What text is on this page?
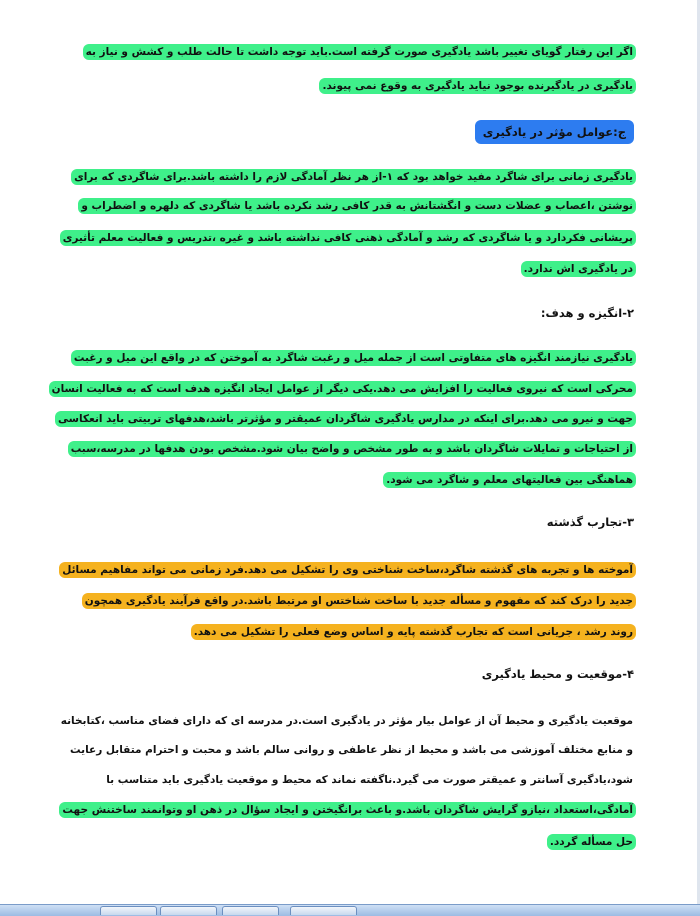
اگر این رفتار گویای تغییر باشد یادگیری صورت گرفته است.باید توجه داشت تا حالت طلب و کشش و نیاز به
یادگیری در یادگیرنده بوجود نیاید یادگیری به وقوع نمی پیوند.
ج:عوامل مؤثر در یادگیری
یادگیری زمانی برای شاگرد مفید خواهد بود که ۱-از هر نظر آمادگی لازم را داشته باشد.برای شاگردی که برای
نوشتن ،اعصاب و عضلات دست و انگشتانش به قدر کافی رشد نکرده باشد یا شاگردی که دلهره و اضطراب و
پریشانی فکردارد و یا شاگردی که رشد و آمادگی ذهنی کافی نداشته باشد و غیره ،تدریس و فعالیت معلم تأثیری
در یادگیری اش ندارد.
۲-انگیزه و هدف:
یادگیری نیازمند انگیزه های متفاوتی است از جمله میل و رغبت شاگرد به آموختن که در واقع این میل و رغبت
محرکی است که نیروی فعالیت را افزایش می دهد.یکی دیگر از عوامل ایجاد انگیزه هدف است که به فعالیت انسان
جهت و نیرو می دهد.برای اینکه در مدارس یادگیری شاگردان عمیقتر و مؤثرتر باشد،هدفهای تربیتی باید انعکاسی
از احتیاجات و تمایلات شاگردان باشد و به طور مشخص و واضح بیان شود.مشخص بودن هدفها در مدرسه،سبب
هماهنگی بین فعالیتهای معلم و شاگرد می شود.
۳-تجارب گذشته
آموخته ها و تجربه های گذشته شاگرد،ساخت شناختی وی را تشکیل می دهد.فرد زمانی می تواند مفاهیم مسائل
جدید را درک کند که مفهوم و مسأله جدید با ساخت شناختس او مرتبط باشد.در واقع فرآیند یادگیری همچون
روند رشد ، جریانی است که تجارب گذشته پایه و اساس وضع فعلی را تشکیل می دهد.
۴-موقعیت و محیط یادگیری
موقعیت یادگیری و محیط آن از عوامل بیار مؤثر در یادگیری است.در مدرسه ای که دارای فضای مناسب ،کتابخانه
و منابع مختلف آموزشی می باشد و محیط از نظر عاطفی و روانی سالم باشد و محبت و احترام متقابل رعایت
شود،یادگیری آسانتر و عمیقتر صورت می گیرد.ناگفته نماند که محیط و موقعیت یادگیری باید متناسب با
آمادگی،استعداد ،نیازو گرایش شاگردان باشد.و باعث برانگیختن و ایجاد سؤال در ذهن او وتوانمند ساختنش جهت
حل مسأله گردد.
